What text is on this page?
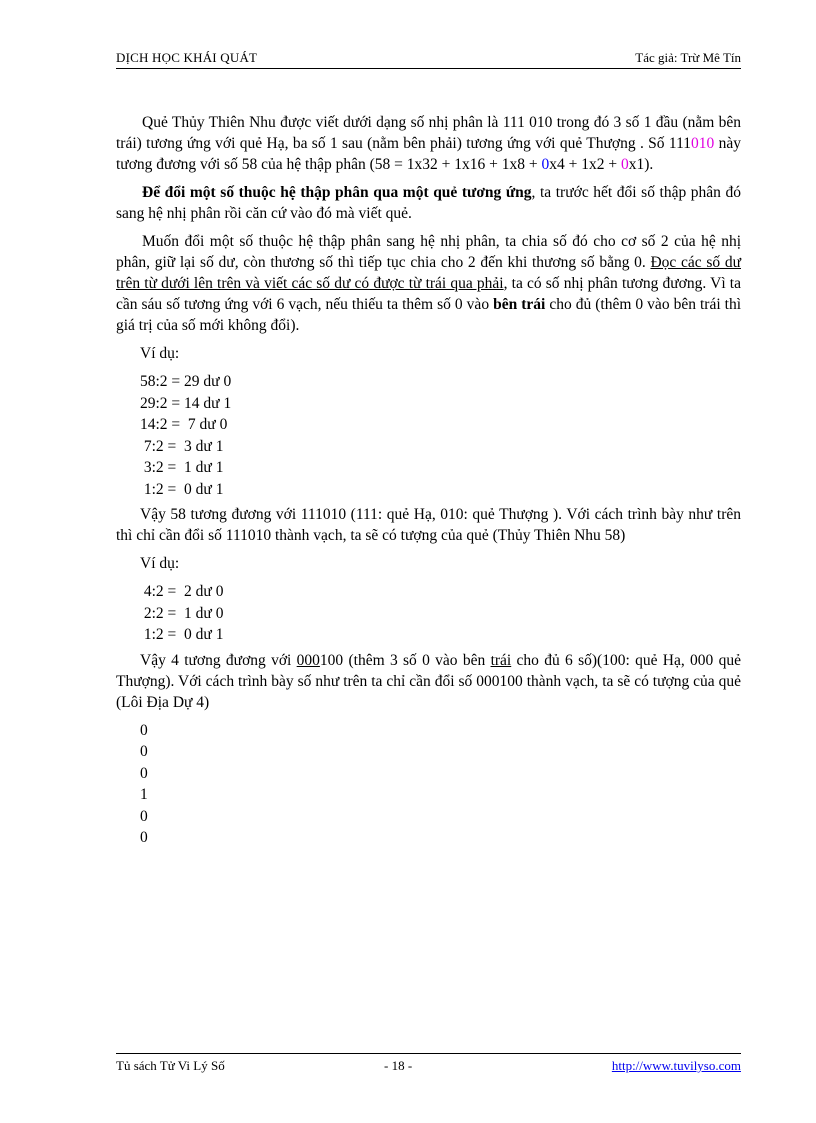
DỊCH HỌC KHÁI QUÁT	Tác giả: Trừ Mê Tín

Quẻ Thủy Thiên Nhu được viết dưới dạng số nhị phân là 111 010 trong đó 3 số 1 đầu (nằm bên trái) tương ứng với quẻ Hạ, ba số 1 sau (nằm bên phải) tương ứng với quẻ Thượng . Số 111010 này tương đương với số 58 của hệ thập phân (58 = 1x32 + 1x16 + 1x8 + 0x4 + 1x2 + 0x1).

Để đổi một số thuộc hệ thập phân qua một quẻ tương ứng, ta trước hết đổi số thập phân đó sang hệ nhị phân rồi căn cứ vào đó mà viết quẻ.

Muốn đổi một số thuộc hệ thập phân sang hệ nhị phân, ta chia số đó cho cơ số 2 của hệ nhị phân, giữ lại số dư, còn thương số thì tiếp tục chia cho 2 đến khi thương số bằng 0. Đọc các số dư trên từ dưới lên trên và viết các số dư có được từ trái qua phải, ta có số nhị phân tương đương. Vì ta cần sáu số tương ứng với 6 vạch, nếu thiếu ta thêm số 0 vào bên trái cho đủ (thêm 0 vào bên trái thì giá trị của số mới không đổi).

Ví dụ:

58:2 = 29 dư 0
29:2 = 14 dư 1
14:2 =  7 dư 0
7:2 =  3 dư 1
3:2 =  1 dư 1
1:2 =  0 dư 1

Vậy 58 tương đương với 111010 (111: quẻ Hạ, 010: quẻ Thượng ). Với cách trình bày như trên thì chỉ cần đổi số 111010 thành vạch, ta sẽ có tượng của quẻ (Thủy Thiên Nhu 58)

Ví dụ:

4:2 =  2 dư 0
2:2 =  1 dư 0
1:2 =  0 dư 1

Vậy 4 tương đương với 000100 (thêm 3 số 0 vào bên trái cho đủ 6 số)(100: quẻ Hạ, 000 quẻ Thượng). Với cách trình bày số như trên ta chỉ cần đổi số 000100 thành vạch, ta sẽ có tượng của quẻ (Lôi Địa Dự 4)

0
0
0
1
0
0
Tủ sách Tử Vi Lý Số	- 18 -	http://www.tuvilyso.com
